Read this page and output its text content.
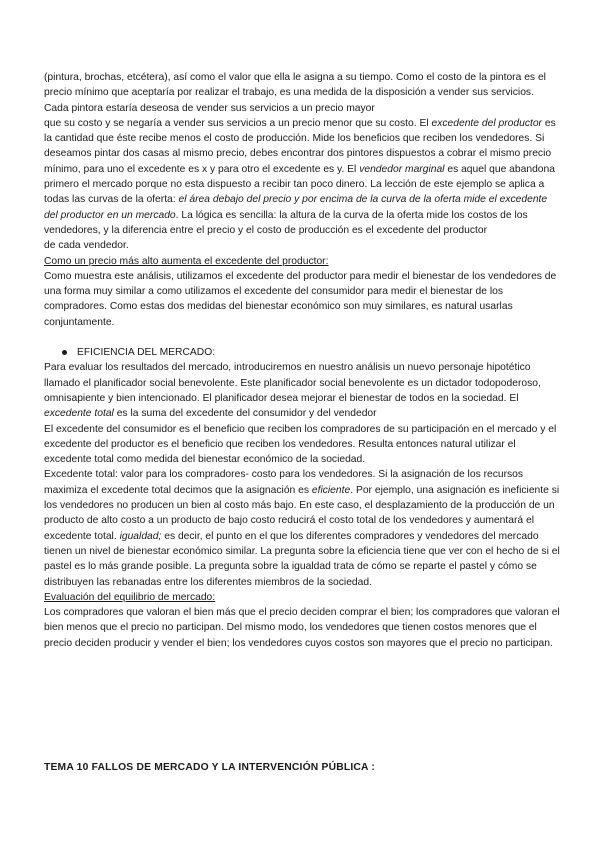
(pintura, brochas, etcétera), así como el valor que ella le asigna a su tiempo. Como el costo de la pintora es el precio mínimo que aceptaría por realizar el trabajo, es una medida de la disposición a vender sus servicios. Cada pintora estaría deseosa de vender sus servicios a un precio mayor
que su costo y se negaría a vender sus servicios a un precio menor que su costo. El excedente del productor es la cantidad que éste recibe menos el costo de producción. Mide los beneficios que reciben los vendedores. Si deseamos pintar dos casas al mismo precio, debes encontrar dos pintores dispuestos a cobrar el mismo precio mínimo, para uno el excedente es x y para otro el excedente es y. El vendedor marginal es aquel que abandona primero el mercado porque no esta dispuesto a recibir tan poco dinero. La lección de este ejemplo se aplica a todas las curvas de la oferta: el área debajo del precio y por encima de la curva de la oferta mide el excedente del productor en un mercado. La lógica es sencilla: la altura de la curva de la oferta mide los costos de los vendedores, y la diferencia entre el precio y el costo de producción es el excedente del productor
de cada vendedor.

Como un precio más alto aumenta el excedente del productor:

Como muestra este análisis, utilizamos el excedente del productor para medir el bienestar de los vendedores de una forma muy similar a como utilizamos el excedente del consumidor para medir el bienestar de los compradores. Como estas dos medidas del bienestar económico son muy similares, es natural usarlas conjuntamente.

EFICIENCIA DEL MERCADO:

Para evaluar los resultados del mercado, introduciremos en nuestro análisis un nuevo personaje hipotético llamado el planificador social benevolente. Este planificador social benevolente es un dictador todopoderoso, omnisapiente y bien intencionado. El planificador desea mejorar el bienestar de todos en la sociedad. El excedente total es la suma del excedente del consumidor y del vendedor

El excedente del consumidor es el beneficio que reciben los compradores de su participación en el mercado y el excedente del productor es el beneficio que reciben los vendedores. Resulta entonces natural utilizar el excedente total como medida del bienestar económico de la sociedad.

Excedente total: valor para los compradores- costo para los vendedores. Si la asignación de los recursos maximiza el excedente total decimos que la asignación es eficiente. Por ejemplo, una asignación es ineficiente si los vendedores no producen un bien al costo más bajo. En este caso, el desplazamiento de la producción de un producto de alto costo a un producto de bajo costo reducirá el costo total de los vendedores y aumentará el excedente total. igualdad; es decir, el punto en el que los diferentes compradores y vendedores del mercado tienen un nivel de bienestar económico similar. La pregunta sobre la eficiencia tiene que ver con el hecho de si el pastel es lo más grande posible. La pregunta sobre la igualdad trata de cómo se reparte el pastel y cómo se distribuyen las rebanadas entre los diferentes miembros de la sociedad.

Evaluación del equilibrio de mercado:

Los compradores que valoran el bien más que el precio deciden comprar el bien; los compradores que valoran el bien menos que el precio no participan. Del mismo modo, los vendedores que tienen costos menores que el precio deciden producir y vender el bien; los vendedores cuyos costos son mayores que el precio no participan.

TEMA 10 FALLOS DE MERCADO Y LA INTERVENCIÓN PÚBLICA :
